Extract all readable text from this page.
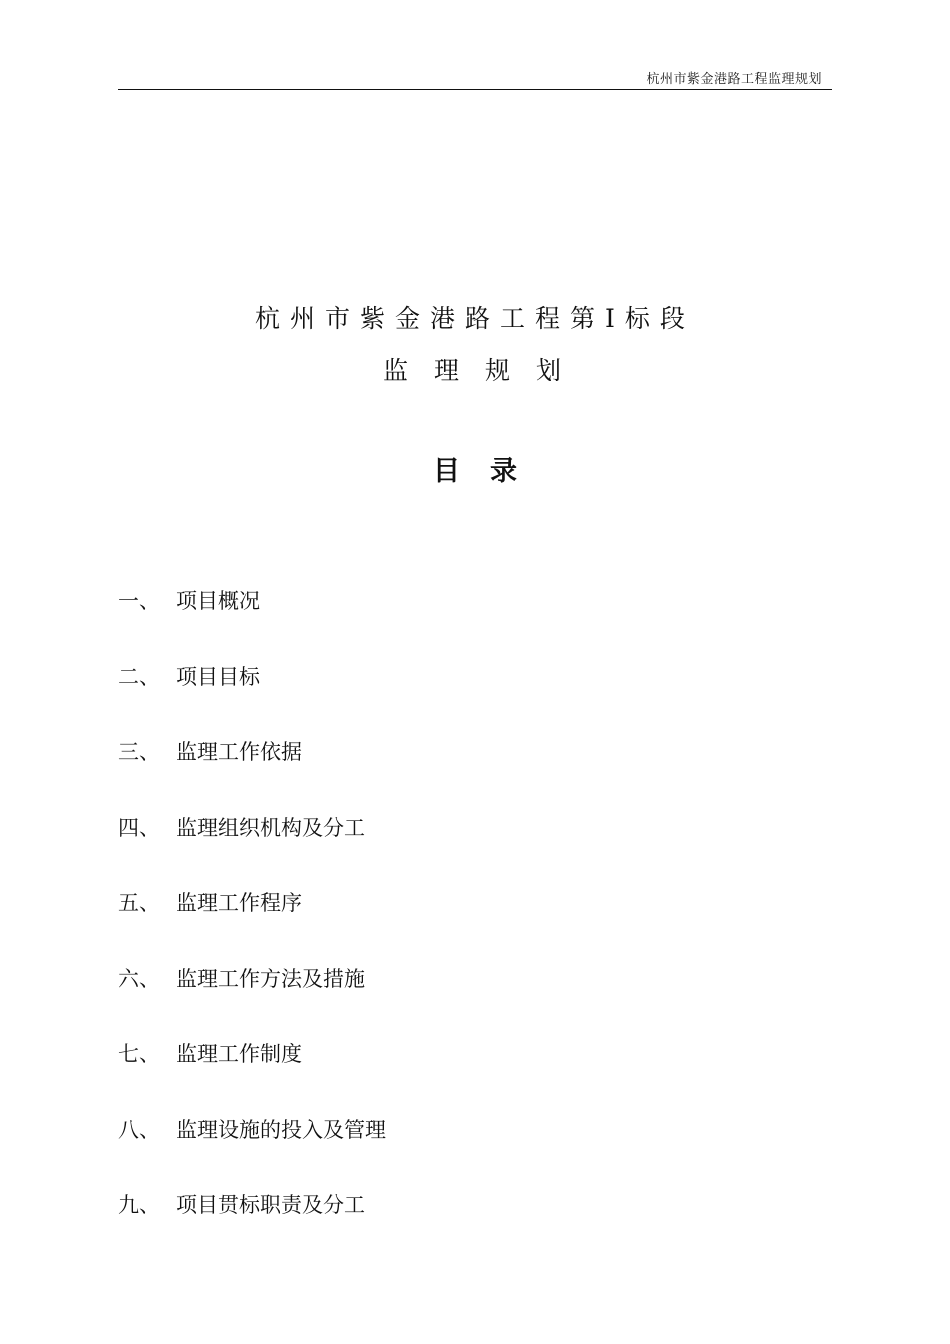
杭州市紫金港路工程监理规划
杭州市紫金港路工程第Ⅰ标段
监理规划
目录
一、 项目概况
二、 项目目标
三、 监理工作依据
四、 监理组织机构及分工
五、 监理工作程序
六、 监理工作方法及措施
七、 监理工作制度
八、 监理设施的投入及管理
九、 项目贯标职责及分工
